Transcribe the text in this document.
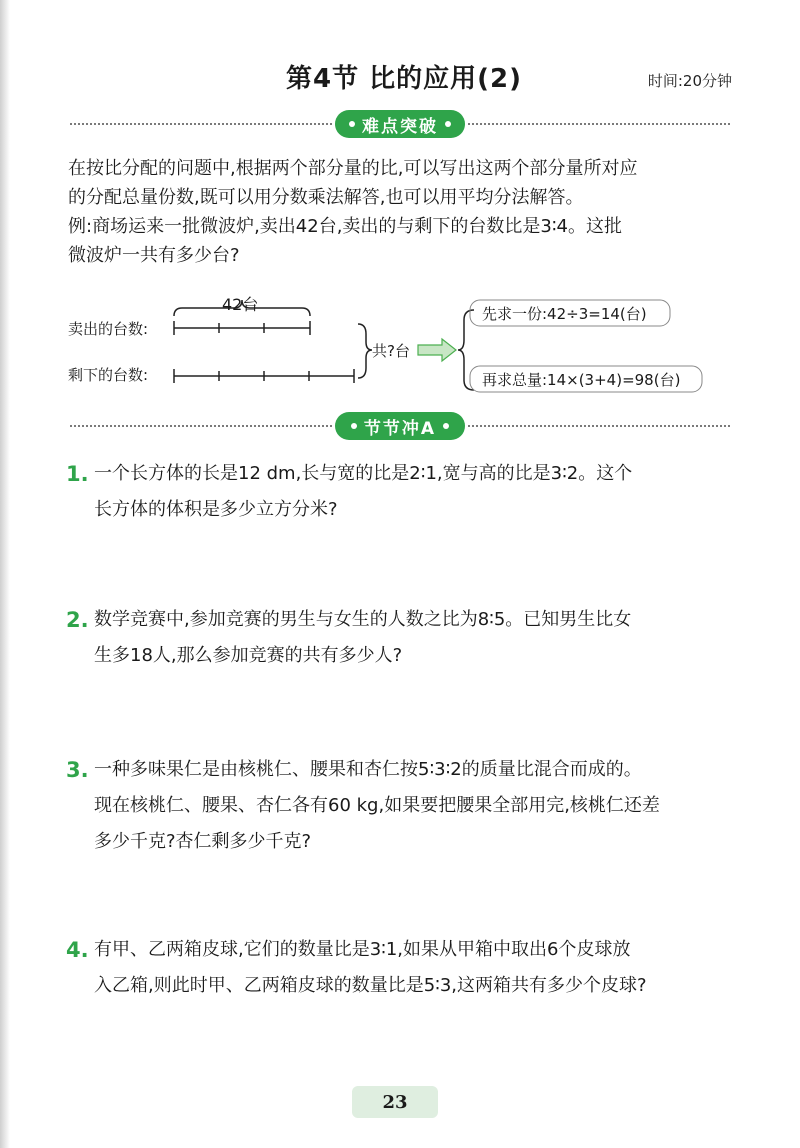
第4节 比的应用(2)	时间:20分钟
难点突破
在按比分配的问题中,根据两个部分量的比,可以写出这两个部分量所对应
的分配总量份数,既可以用分数乘法解答,也可以用平均分法解答。
例:商场运来一批微波炉,卖出42台,卖出的与剩下的台数比是3∶4。这批
微波炉一共有多少台?
42台
卖出的台数:
剩下的台数:
共?台
先求一份:42÷3=14(台)
再求总量:14×(3+4)=98(台)
节节冲A
1. 一个长方体的长是12 dm,长与宽的比是2∶1,宽与高的比是3∶2。这个
长方体的体积是多少立方分米?
2. 数学竞赛中,参加竞赛的男生与女生的人数之比为8∶5。已知男生比女
生多18人,那么参加竞赛的共有多少人?
3. 一种多味果仁是由核桃仁、腰果和杏仁按5∶3∶2的质量比混合而成的。
现在核桃仁、腰果、杏仁各有60 kg,如果要把腰果全部用完,核桃仁还差
多少千克?杏仁剩多少千克?
4. 有甲、乙两箱皮球,它们的数量比是3∶1,如果从甲箱中取出6个皮球放
入乙箱,则此时甲、乙两箱皮球的数量比是5∶3,这两箱共有多少个皮球?
23
